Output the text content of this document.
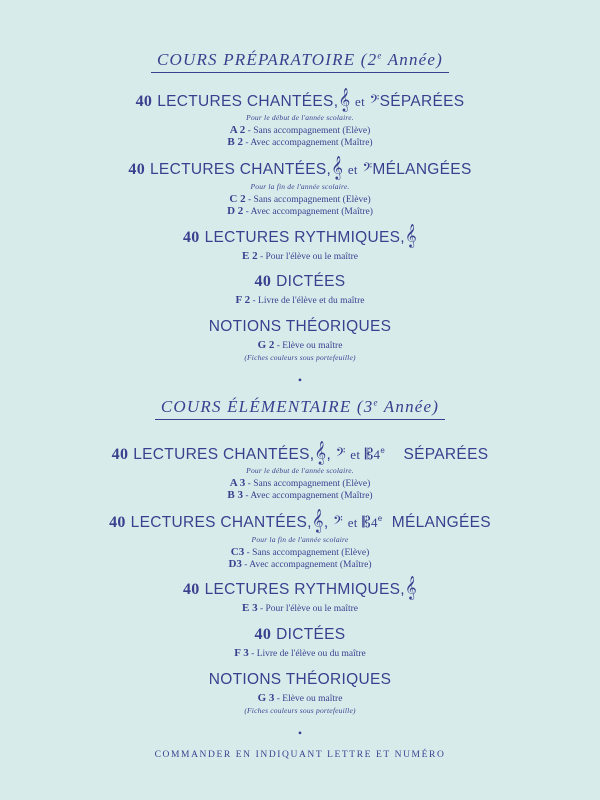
COURS PRÉPARATOIRE (2e Année)
40 LECTURES CHANTÉES,𝄞 et 𝄢SÉPARÉES
Pour le début de l'année scolaire.
A 2 - Sans accompagnement (Elève)
B 2 - Avec accompagnement (Maître)
40 LECTURES CHANTÉES,𝄞 et 𝄢MÉLANGÉES
Pour la fin de l'année scolaire.
C 2 - Sans accompagnement (Elève)
D 2 - Avec accompagnement (Maître)
40 LECTURES RYTHMIQUES,𝄞
E 2 - Pour l'élève ou le maître
40 DICTÉES
F 2 - Livre de l'élève et du maître
NOTIONS THÉORIQUES
G 2 - Elève ou maître
(Fiches couleurs sous portefeuille)
•
COURS ÉLÉMENTAIRE (3e Année)
40 LECTURES CHANTÉES,𝄞, 𝄢 et 𝄡4e SÉPARÉES
Pour le début de l'année scolaire.
A 3 - Sans accompagnement (Elève)
B 3 - Avec accompagnement (Maître)
40 LECTURES CHANTÉES,𝄞, 𝄢 et 𝄡4e MÉLANGÉES
Pour la fin de l'année scolaire
C3 - Sans accompagnement (Elève)
D3 - Avec accompagnement (Maître)
40 LECTURES RYTHMIQUES,𝄞
E 3 - Pour l'élève ou le maître
40 DICTÉES
F 3 - Livre de l'élève ou du maître
NOTIONS THÉORIQUES
G 3 - Elève ou maître
(Fiches couleurs sous portefeuille)
•
COMMANDER EN INDIQUANT LETTRE ET NUMÉRO
